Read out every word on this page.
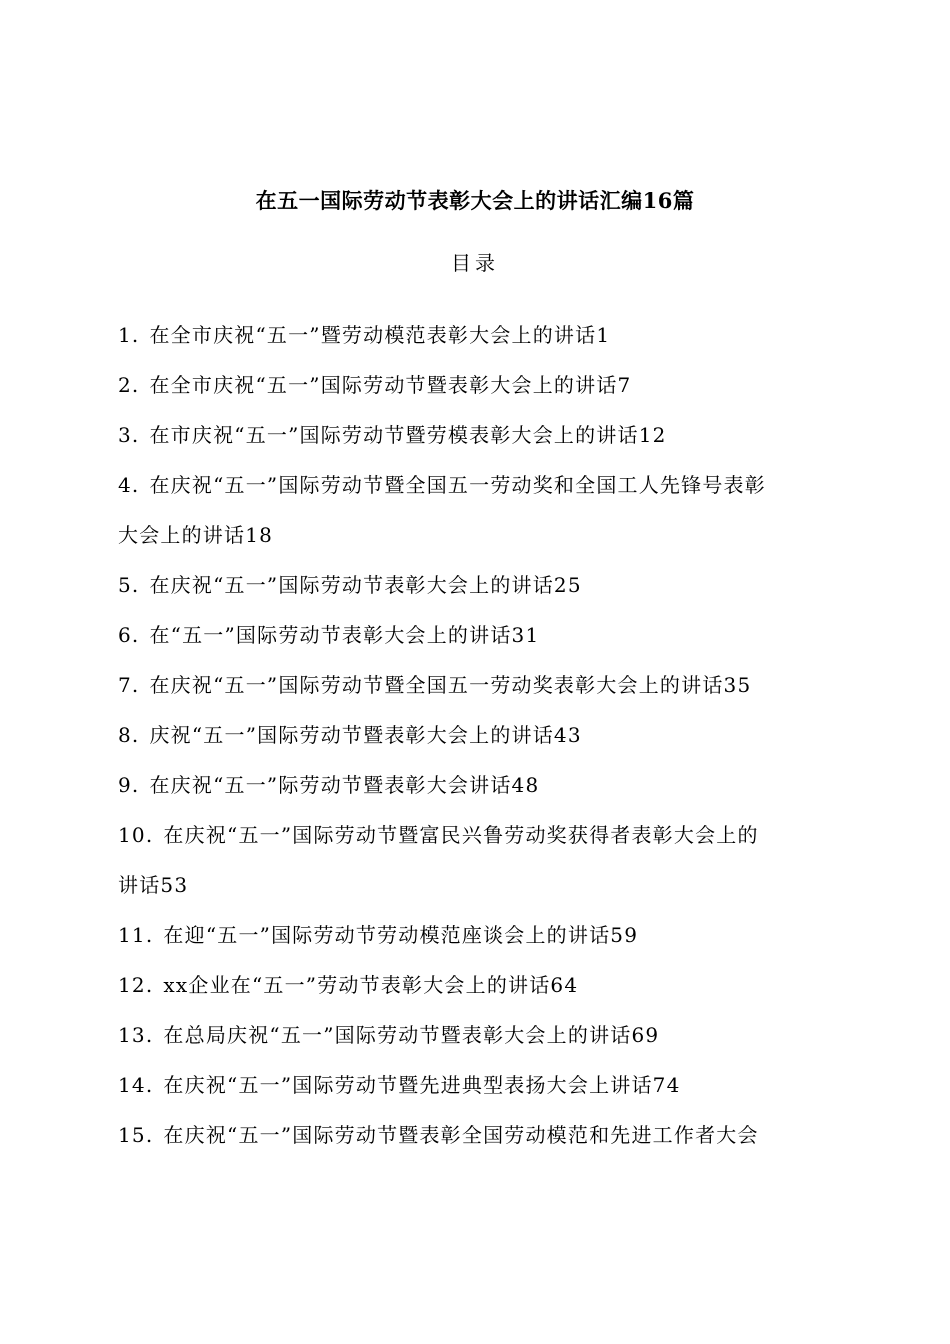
在五一国际劳动节表彰大会上的讲话汇编16篇
目录
1. 在全市庆祝“五一”暨劳动模范表彰大会上的讲话1
2. 在全市庆祝“五一”国际劳动节暨表彰大会上的讲话7
3. 在市庆祝“五一”国际劳动节暨劳模表彰大会上的讲话12
4. 在庆祝“五一”国际劳动节暨全国五一劳动奖和全国工人先锋号表彰
大会上的讲话18
5. 在庆祝“五一”国际劳动节表彰大会上的讲话25
6. 在“五一”国际劳动节表彰大会上的讲话31
7. 在庆祝“五一”国际劳动节暨全国五一劳动奖表彰大会上的讲话35
8. 庆祝“五一”国际劳动节暨表彰大会上的讲话43
9. 在庆祝“五一”际劳动节暨表彰大会讲话48
10. 在庆祝“五一”国际劳动节暨富民兴鲁劳动奖获得者表彰大会上的
讲话53
11. 在迎“五一”国际劳动节劳动模范座谈会上的讲话59
12. xx企业在“五一”劳动节表彰大会上的讲话64
13. 在总局庆祝“五一”国际劳动节暨表彰大会上的讲话69
14. 在庆祝“五一”国际劳动节暨先进典型表扬大会上讲话74
15. 在庆祝“五一”国际劳动节暨表彰全国劳动模范和先进工作者大会
